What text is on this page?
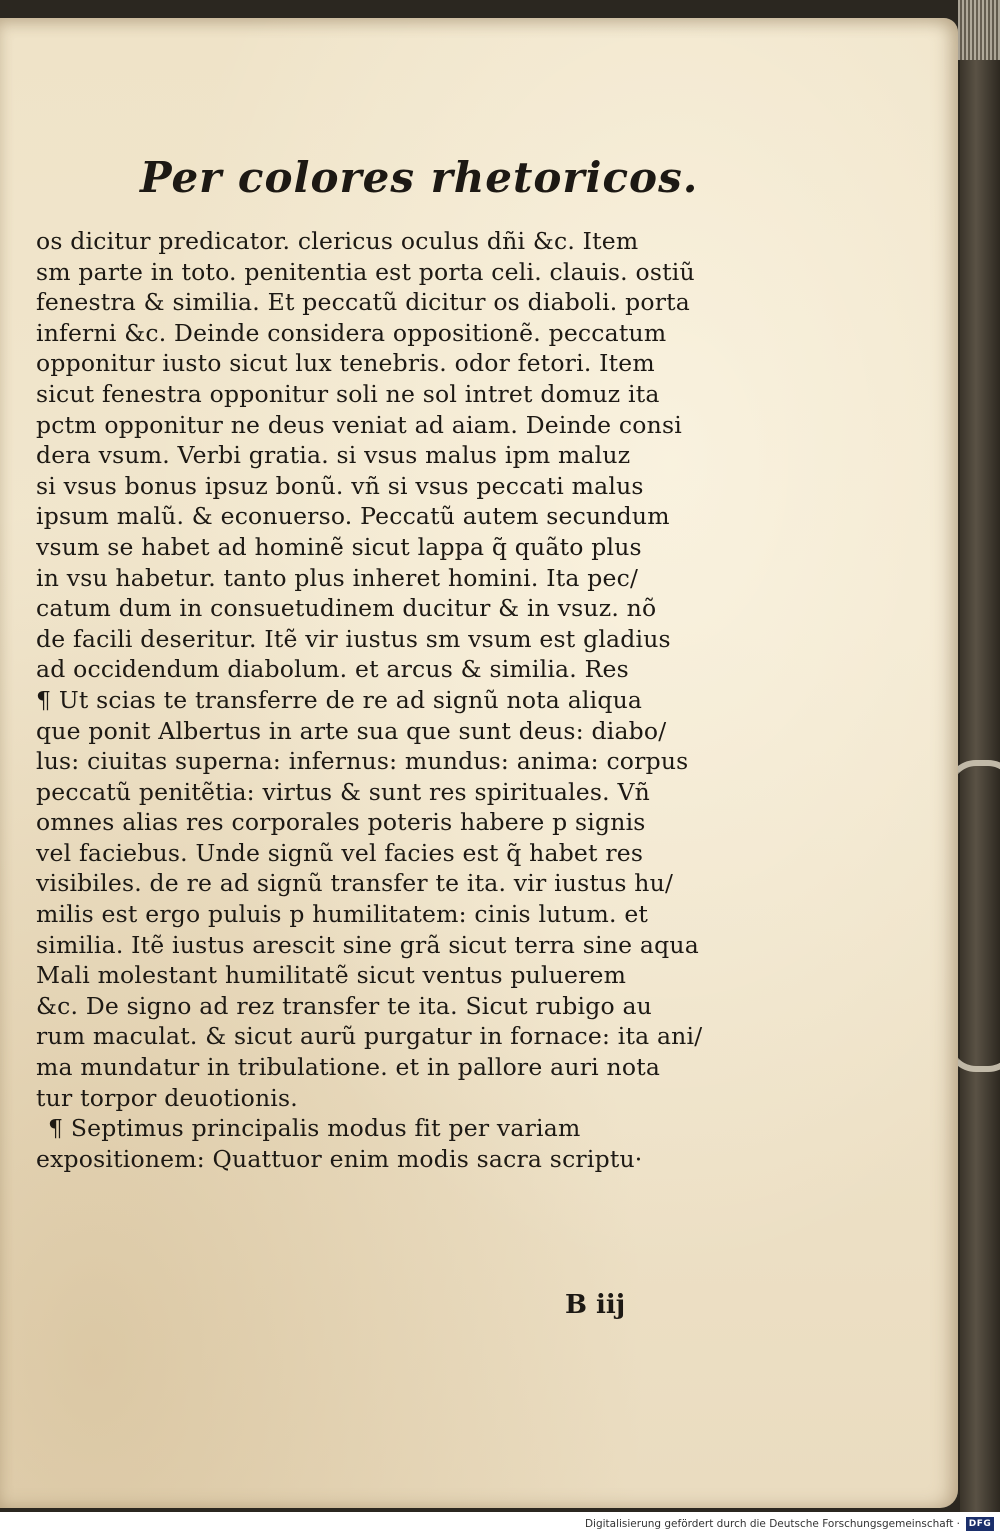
Per colores rhetoricos.
os dicitur predicator. clericus oculus dñi &c. Item
sm parte in toto. penitentia est porta celi. clauis. ostiũ
fenestra & similia. Et peccatũ dicitur os diaboli. porta
inferni &c. Deinde considera oppositionẽ. peccatum
opponitur iusto sicut lux tenebris. odor fetori. Item
sicut fenestra opponitur soli ne sol intret domuz ita
pctm opponitur ne deus veniat ad aiam. Deinde consi
dera vsum. Verbi gratia. si vsus malus ipm maluz
si vsus bonus ipsuz bonũ. vñ si vsus peccati malus
ipsum malũ. & econuerso. Peccatũ autem secundum
vsum se habet ad hominẽ sicut lappa q̃ quãto plus
in vsu habetur. tanto plus inheret homini. Ita pec/
catum dum in consuetudinem ducitur & in vsuz. nõ
de facili deseritur. Itẽ vir iustus sm vsum est gladius
ad occidendum diabolum. et arcus & similia. Res
¶ Ut scias te transferre de re ad signũ nota aliqua
que ponit Albertus in arte sua que sunt deus: diabo/
lus: ciuitas superna: infernus: mundus: anima: corpus
peccatũ penitẽtia: virtus & sunt res spirituales. Vñ
omnes alias res corporales poteris habere p signis
vel faciebus. Unde signũ vel facies est q̃ habet res
visibiles. de re ad signũ transfer te ita. vir iustus hu/
milis est ergo puluis p humilitatem: cinis lutum. et
similia. Itẽ iustus arescit sine grã sicut terra sine aqua
Mali molestant humilitatẽ sicut ventus puluerem
&c. De signo ad rez transfer te ita. Sicut rubigo au
rum maculat. & sicut aurũ purgatur in fornace: ita ani/
ma mundatur in tribulatione. et in pallore auri nota
tur torpor deuotionis.
¶ Septimus principalis modus fit per variam
expositionem: Quattuor enim modis sacra scriptu·
B iij
Digitalisierung gefördert durch die Deutsche Forschungsgemeinschaft · DFG
